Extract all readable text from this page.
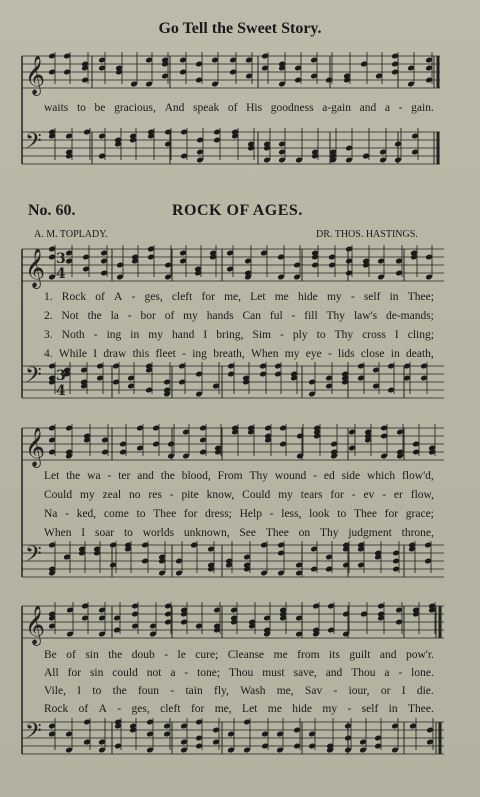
Go Tell the Sweet Story.
𝄞
𝄢
𝄞
𝄢
3
4
3
4
𝄞
𝄢
𝄞
𝄢
waits to be gracious, And speak of His goodness a-gain and a - gain.
No. 60.	ROCK OF AGES.
A. M. TOPLADY.	DR. THOS. HASTINGS.
1. Rock of A - ges, cleft for me, Let me hide my - self in Thee;
2. Not the la - bor of my hands Can ful - fill Thy law's de-mands;
3. Noth - ing in my hand I bring, Sim - ply to Thy cross I cling;
4. While I draw this fleet - ing breath, When my eye - lids close in death,
Let the wa - ter and the blood, From Thy wound - ed side which flow'd,
Could my zeal no res - pite know, Could my tears for - ev - er flow,
Na - ked, come to Thee for dress; Help - less, look to Thee for grace;
When I soar to worlds unknown, See Thee on Thy judgment throne,
Be of sin the doub - le cure; Cleanse me from its guilt and pow'r.
All for sin could not a - tone; Thou must save, and Thou a - lone.
Vile, I to the foun - tain fly, Wash me, Sav - iour, or I die.
Rock of A - ges, cleft for me, Let me hide my - self in Thee.
